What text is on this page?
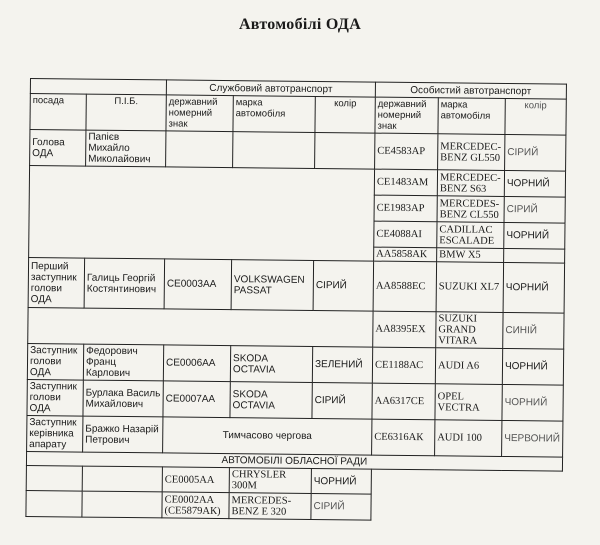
Автомобілі ОДА
		Службовий автотранспорт			Особистий автотранспорт		
посада	П.І.Б.	державний номерний знак	марка автомобіля	колір	державний номерний знак	марка автомобіля	колір
Голова ОДА	Папієв Михайло Миколайович				СЕ4583АР	MERCEDEC-BENZ GL550	СІРИЙ
					СЕ1483АМ	MERCEDEC-BENZ S63	ЧОРНИЙ
					СЕ1983АР	MERCEDES-BENZ CL550	СІРИЙ
					СЕ4088АІ	CADILLAC ESCALADE	ЧОРНИЙ
					АА5858АК	BMW X5	
Перший заступник голови ОДА	Галиць Георгій Костянтинович	СЕ0003АА	VOLKSWAGEN PASSAT	СІРИЙ	АА8588ЕС	SUZUKI XL7	ЧОРНИЙ
					АА8395ЕХ	SUZUKI GRAND VITARA	СИНІЙ
Заступник голови ОДА	Федорович Франц Карлович	СЕ0006АА	SKODA OCTAVIA	ЗЕЛЕНИЙ	СЕ1188АС	AUDI A6	ЧОРНИЙ
Заступник голови ОДА	Бурлака Василь Михайлович	СЕ0007АА	SKODA OCTAVIA	СІРИЙ	АА6317СЕ	OPEL VECTRA	ЧОРНИЙ
Заступник керівника апарату	Бражко Назарій Петрович	Тимчасово чергова			СЕ6316АК	AUDI 100	ЧЕРВОНИЙ
АВТОМОБІЛІ ОБЛАСНОЇ РАДИ							
		СЕ0005АА	CHRYSLER 300M	ЧОРНИЙ			
		СЕ0002АА (СЕ5879АК)	MERCEDES-BENZ E 320	СІРИЙ			
